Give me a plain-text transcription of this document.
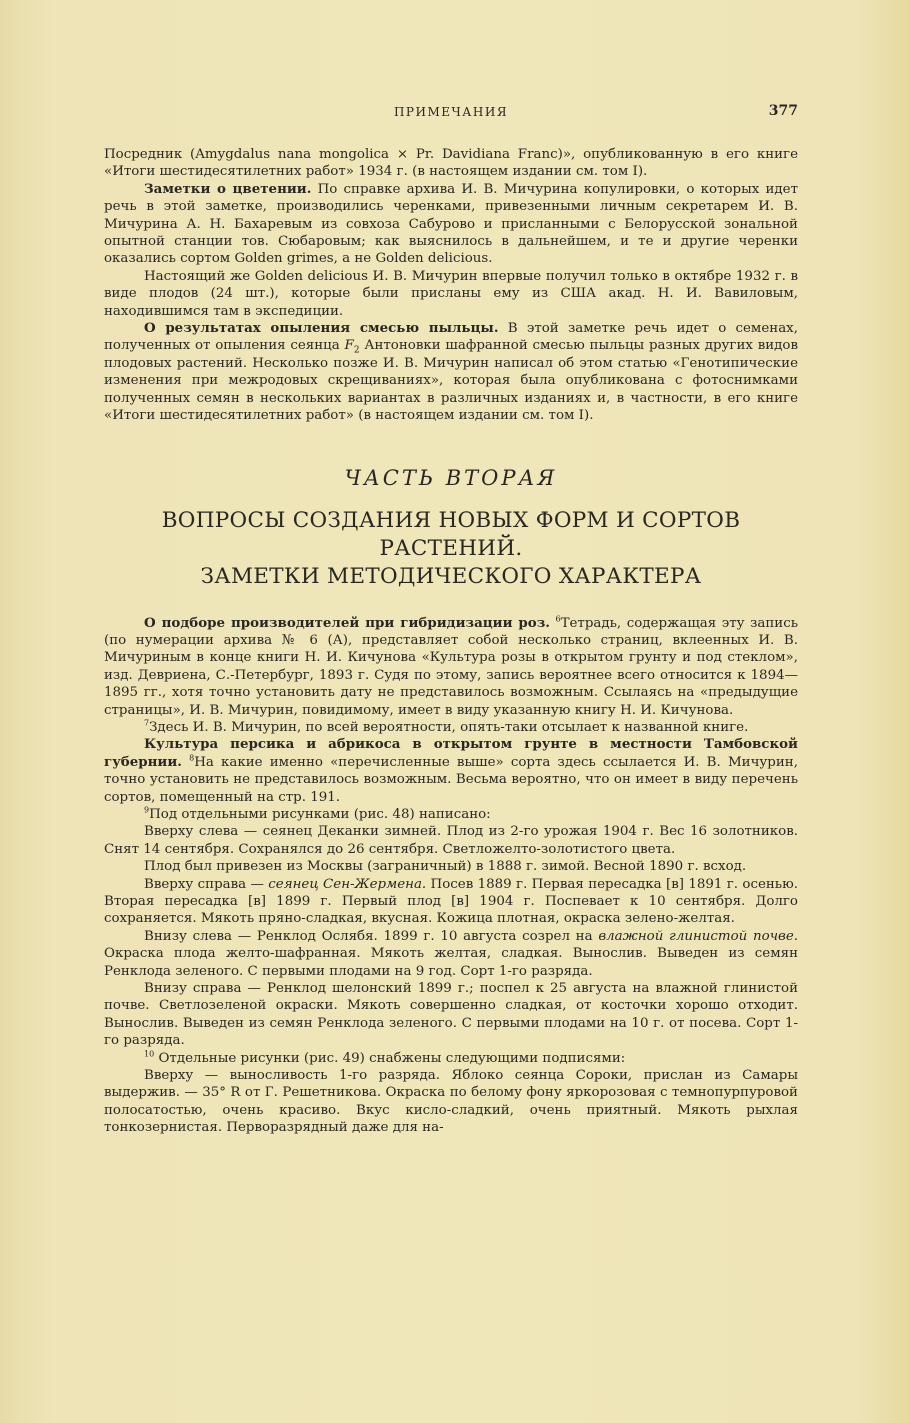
ПРИМЕЧАНИЯ	377

Посредник (Amygdalus nana mongolica × Pr. Davidiana Franc)», опубликованную в его книге «Итоги шестидесятилетних работ» 1934 г. (в настоящем издании см. том I).

Заметки о цветении. По справке архива И. В. Мичурина копулировки, о которых идет речь в этой заметке, производились черенками, привезенными личным секретарем И. В. Мичурина А. Н. Бахаревым из совхоза Сабурово и присланными с Белорусской зональной опытной станции тов. Сюбаровым; как выяснилось в дальнейшем, и те и другие черенки оказались сортом Golden grimes, а не Golden delicious.

Настоящий же Golden delicious И. В. Мичурин впервые получил только в октябре 1932 г. в виде плодов (24 шт.), которые были присланы ему из США акад. Н. И. Вавиловым, находившимся там в экспедиции.

О результатах опыления смесью пыльцы. В этой заметке речь идет о семенах, полученных от опыления сеянца $F_2$ Антоновки шафранной смесью пыльцы разных других видов плодовых растений. Несколько позже И. В. Мичурин написал об этом статью «Генотипические изменения при межродовых скрещиваниях», которая была опубликована с фотоснимками полученных семян в нескольких вариантах в различных изданиях и, в частности, в его книге «Итоги шестидесятилетних работ» (в настоящем издании см. том I).

ЧАСТЬ ВТОРАЯ
ВОПРОСЫ СОЗДАНИЯ НОВЫХ ФОРМ И СОРТОВ РАСТЕНИЙ.
ЗАМЕТКИ МЕТОДИЧЕСКОГО ХАРАКТЕРА

О подборе производителей при гибридизации роз. $^6$Тетрадь, содержащая эту запись (по нумерации архива № 6 (А), представляет собой несколько страниц, вклеенных И. В. Мичуриным в конце книги Н. И. Кичунова «Культура розы в открытом грунту и под стеклом», изд. Девриена, С.-Петербург, 1893 г. Судя по этому, запись вероятнее всего относится к 1894—1895 гг., хотя точно установить дату не представилось возможным. Ссылаясь на «предыдущие страницы», И. В. Мичурин, повидимому, имеет в виду указанную книгу Н. И. Кичунова.

$^7$Здесь И. В. Мичурин, по всей вероятности, опять-таки отсылает к названной книге.

Культура персика и абрикоса в открытом грунте в местности Тамбовской губернии. $^8$На какие именно «перечисленные выше» сорта здесь ссылается И. В. Мичурин, точно установить не представилось возможным. Весьма вероятно, что он имеет в виду перечень сортов, помещенный на стр. 191.

$^9$Под отдельными рисунками (рис. 48) написано:

Вверху слева — сеянец Деканки зимней. Плод из 2-го урожая 1904 г. Вес 16 золотников. Снят 14 сентября. Сохранялся до 26 сентября. Светложелто-золотистого цвета.

Плод был привезен из Москвы (заграничный) в 1888 г. зимой. Весной 1890 г. всход.

Вверху справа — сеянец Сен-Жермена. Посев 1889 г. Первая пересадка [в] 1891 г. осенью. Вторая пересадка [в] 1899 г. Первый плод [в] 1904 г. Поспевает к 10 сентября. Долго сохраняется. Мякоть пряно-сладкая, вкусная. Кожица плотная, окраска зелено-желтая.

Внизу слева — Ренклод Ослябя. 1899 г. 10 августа созрел на влажной глинистой почве. Окраска плода желто-шафранная. Мякоть желтая, сладкая. Вынослив. Выведен из семян Ренклода зеленого. С первыми плодами на 9 год. Сорт 1-го разряда.

Внизу справа — Ренклод шелонский 1899 г.; поспел к 25 августа на влажной глинистой почве. Светлозеленой окраски. Мякоть совершенно сладкая, от косточки хорошо отходит. Вынослив. Выведен из семян Ренклода зеленого. С первыми плодами на 10 г. от посева. Сорт 1-го разряда.

$^{10}$ Отдельные рисунки (рис. 49) снабжены следующими подписями:

Вверху — выносливость 1-го разряда. Яблоко сеянца Сороки, прислан из Самары выдержив. — 35° R от Г. Решетникова. Окраска по белому фону яркорозовая с темнопурпуровой полосатостью, очень красиво. Вкус кисло-сладкий, очень приятный. Мякоть рыхлая тонкозернистая. Перворазрядный даже для на-
